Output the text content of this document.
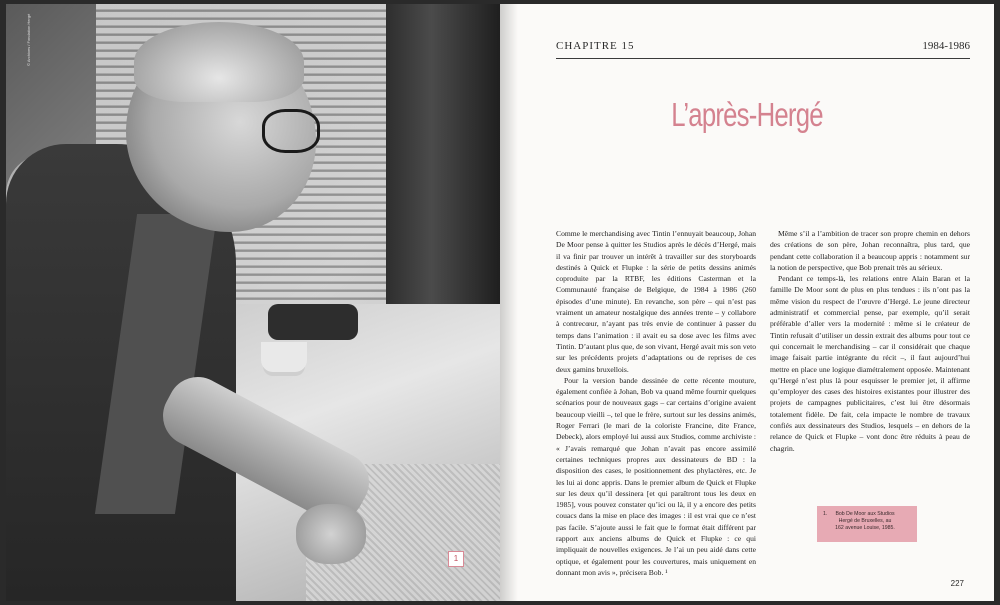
© Archives / Fondation Hergé
1
CHAPITRE 15	1984-1986
L’après-Hergé

Comme le merchandising avec Tintin l’ennuyait beaucoup, Johan De Moor pense à quitter les Studios après le décès d’Hergé, mais il va finir par trouver un intérêt à travailler sur des storyboards destinés à Quick et Flupke : la série de petits dessins animés coproduite par la RTBF, les éditions Casterman et la Communauté française de Belgique, de 1984 à 1986 (260 épisodes d’une minute). En revanche, son père – qui n’est pas vraiment un amateur nostalgique des années trente – y collabore à contrecœur, n’ayant pas très envie de continuer à passer du temps dans l’animation : il avait eu sa dose avec les films avec Tintin. D’autant plus que, de son vivant, Hergé avait mis son veto sur les précédents projets d’adaptations ou de reprises de ces deux gamins bruxellois.

Pour la version bande dessinée de cette récente mouture, également confiée à Johan, Bob va quand même fournir quelques scénarios pour de nouveaux gags – car certains d’origine avaient beaucoup vieilli –, tel que le frère, surtout sur les dessins animés, Roger Ferrari (le mari de la coloriste Francine, dite France, Debeck), alors employé lui aussi aux Studios, comme archiviste : « J’avais remarqué que Johan n’avait pas encore assimilé certaines techniques propres aux dessinateurs de BD : la disposition des cases, le positionnement des phylactères, etc. Je les lui ai donc appris. Dans le premier album de Quick et Flupke sur les deux qu’il dessinera [et qui paraîtront tous les deux en 1985], vous pouvez constater qu’ici ou là, il y a encore des petits couacs dans la mise en place des images : il est vrai que ce n’est pas facile. S’ajoute aussi le fait que le format était différent par rapport aux anciens albums de Quick et Flupke : ce qui impliquait de nouvelles exigences. Je l’ai un peu aidé dans cette optique, et également pour les couvertures, mais uniquement en donnant mon avis », précisera Bob. ¹

Même s’il a l’ambition de tracer son propre chemin en dehors des créations de son père, Johan reconnaîtra, plus tard, que pendant cette collaboration il a beaucoup appris : notamment sur la notion de perspective, que Bob prenait très au sérieux.

Pendant ce temps-là, les relations entre Alain Baran et la famille De Moor sont de plus en plus tendues : ils n’ont pas la même vision du respect de l’œuvre d’Hergé. Le jeune directeur administratif et commercial pense, par exemple, qu’il serait préférable d’aller vers la modernité : même si le créateur de Tintin refusait d’utiliser un dessin extrait des albums pour tout ce qui concernait le merchandising – car il considérait que chaque image faisait partie intégrante du récit –, il faut aujourd’hui mettre en place une logique diamétralement opposée. Maintenant qu’Hergé n’est plus là pour esquisser le premier jet, il affirme qu’employer des cases des histoires existantes pour illustrer des projets de campagnes publicitaires, c’est lui être désormais totalement fidèle. De fait, cela impacte le nombre de travaux confiés aux dessinateurs des Studios, lesquels – en dehors de la relance de Quick et Flupke – vont donc être réduits à peau de chagrin.

1. Bob De Moor aux Studios Hergé de Bruxelles, au 162 avenue Louise, 1985.
227
